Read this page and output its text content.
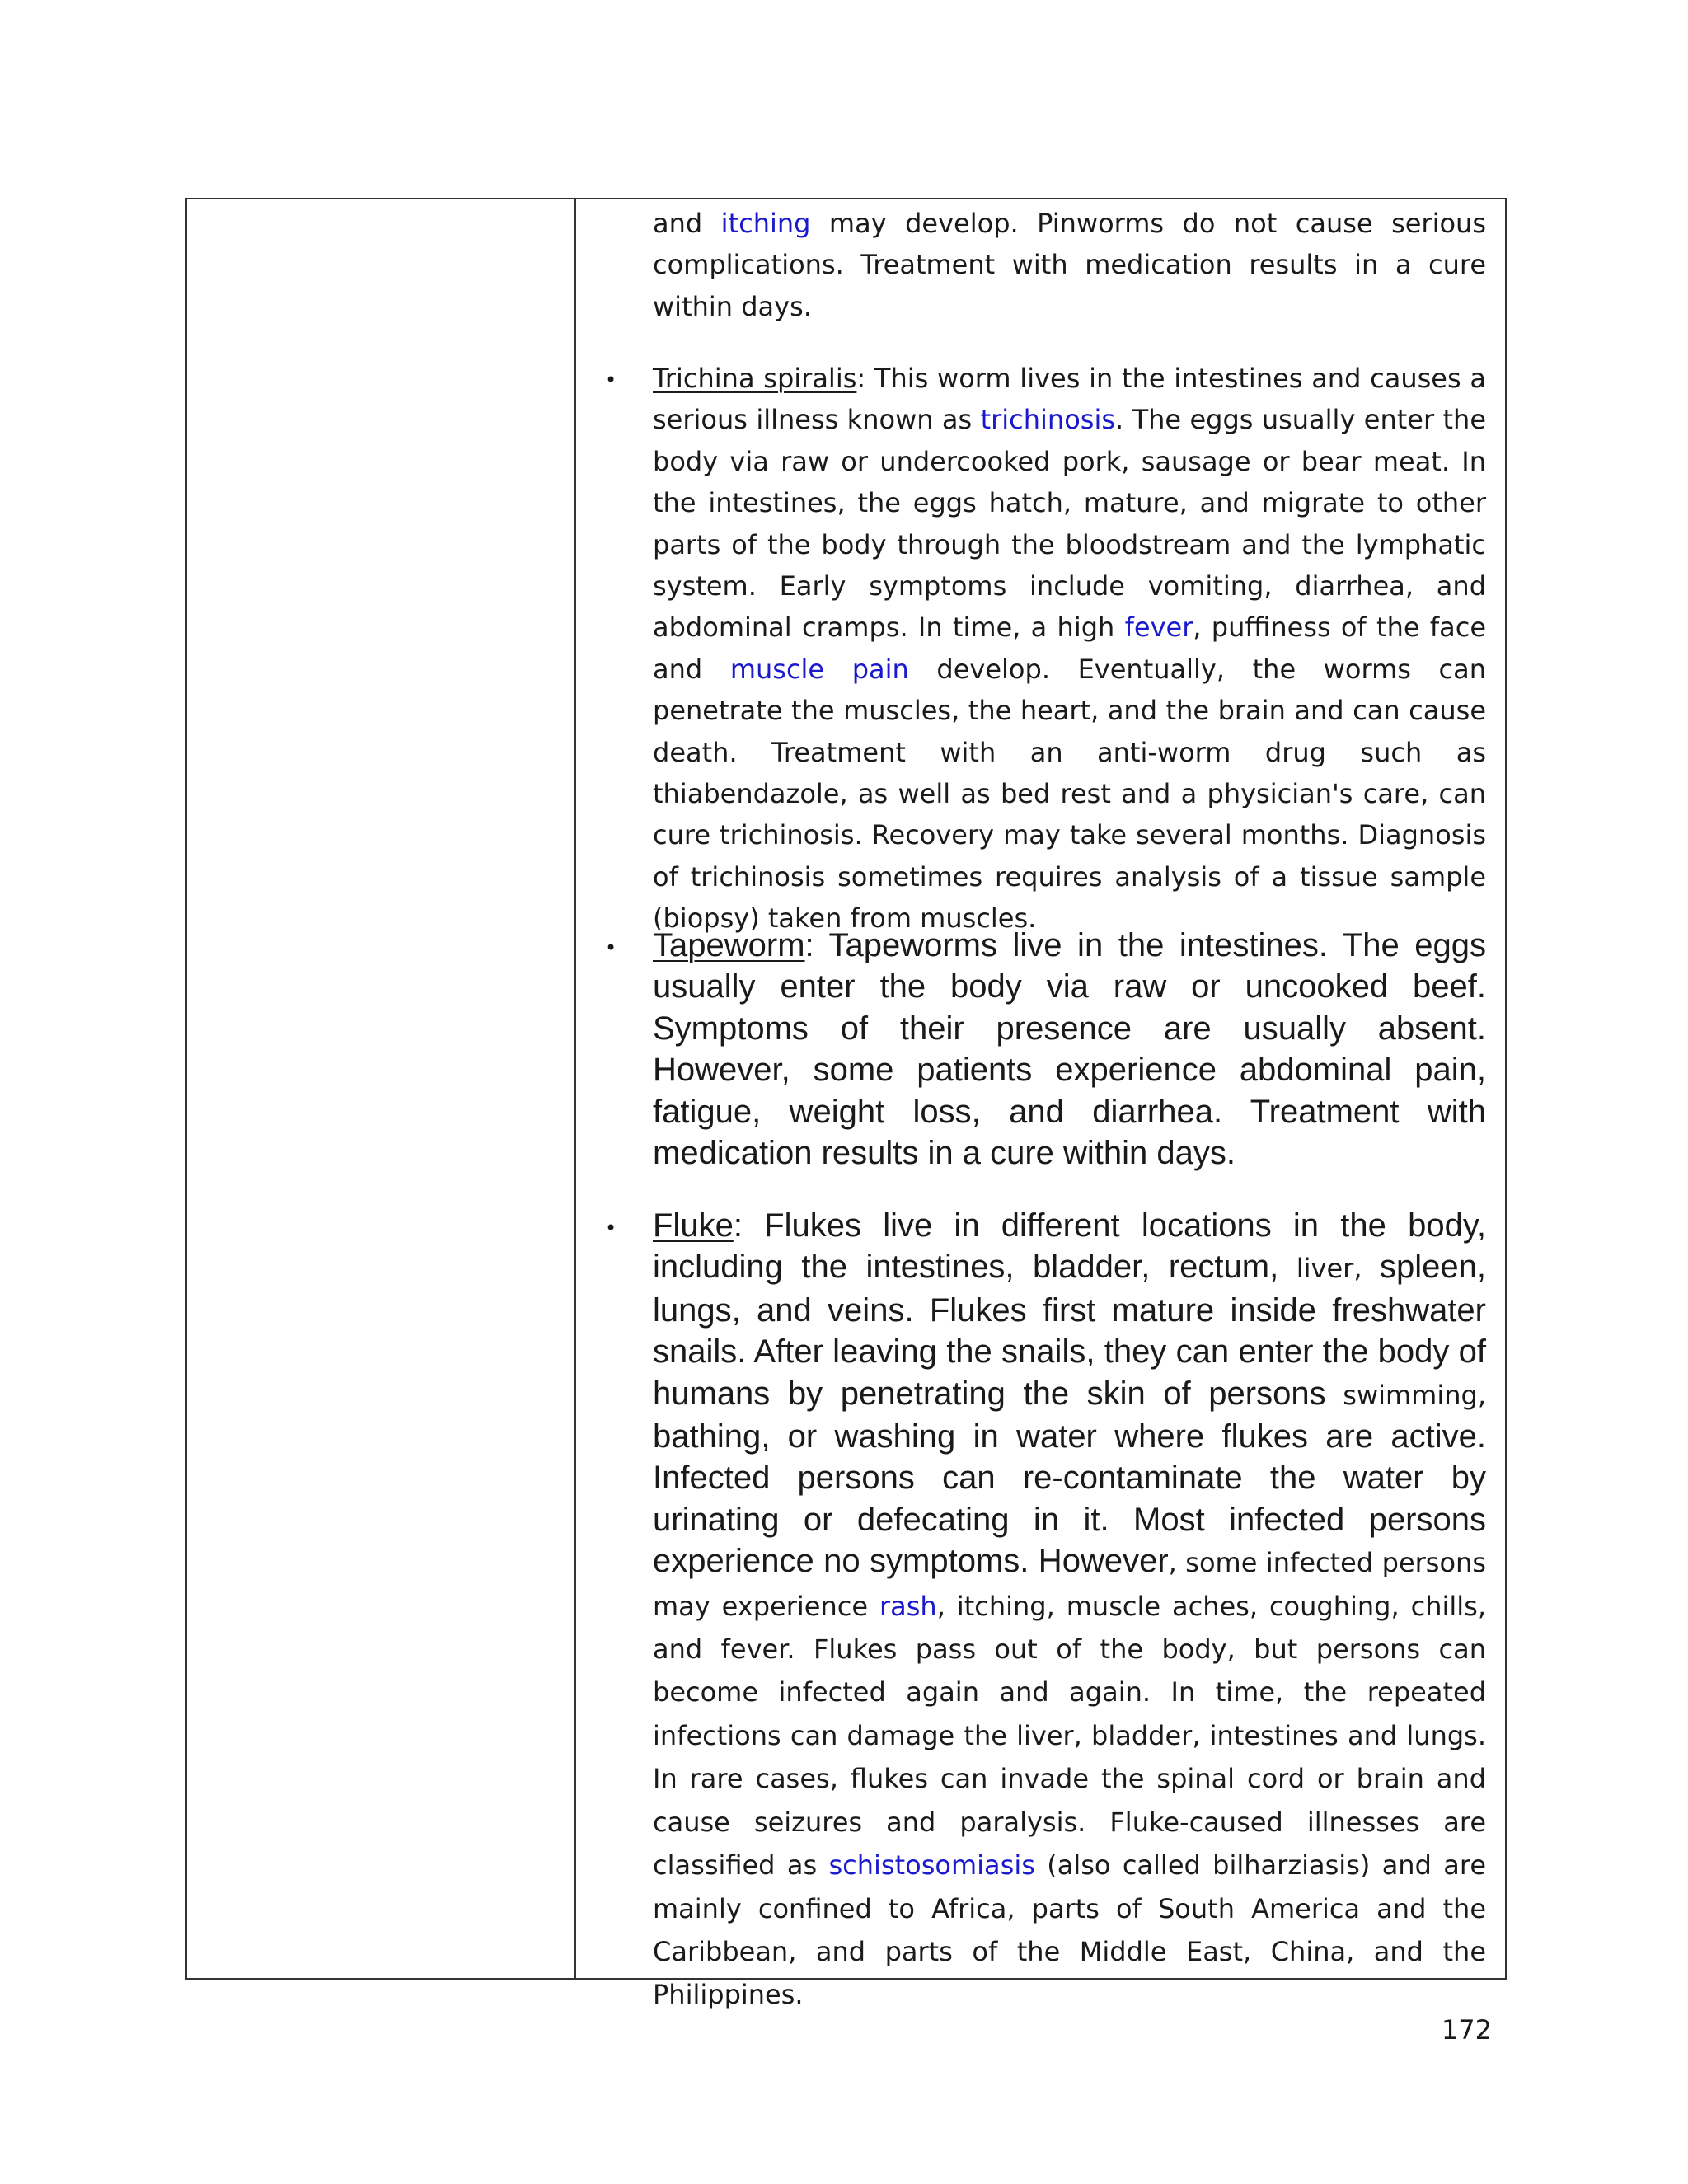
and itching may develop. Pinworms do not cause serious complications. Treatment with medication results in a cure within days.

• Trichina spiralis: This worm lives in the intestines and causes a serious illness known as trichinosis. The eggs usually enter the body via raw or undercooked pork, sausage or bear meat. In the intestines, the eggs hatch, mature, and migrate to other parts of the body through the bloodstream and the lymphatic system. Early symptoms include vomiting, diarrhea, and abdominal cramps. In time, a high fever, puffiness of the face and muscle pain develop. Eventually, the worms can penetrate the muscles, the heart, and the brain and can cause death. Treatment with an anti-worm drug such as thiabendazole, as well as bed rest and a physician's care, can cure trichinosis. Recovery may take several months. Diagnosis of trichinosis sometimes requires analysis of a tissue sample (biopsy) taken from muscles.

• Tapeworm: Tapeworms live in the intestines. The eggs usually enter the body via raw or uncooked beef. Symptoms of their presence are usually absent. However, some patients experience abdominal pain, fatigue, weight loss, and diarrhea. Treatment with medication results in a cure within days.

• Fluke: Flukes live in different locations in the body, including the intestines, bladder, rectum, liver, spleen, lungs, and veins. Flukes first mature inside freshwater snails. After leaving the snails, they can enter the body of humans by penetrating the skin of persons swimming, bathing, or washing in water where flukes are active. Infected persons can re-contaminate the water by urinating or defecating in it. Most infected persons experience no symptoms. However, some infected persons may experience rash, itching, muscle aches, coughing, chills, and fever. Flukes pass out of the body, but persons can become infected again and again. In time, the repeated infections can damage the liver, bladder, intestines and lungs. In rare cases, flukes can invade the spinal cord or brain and cause seizures and paralysis. Fluke-caused illnesses are classified as schistosomiasis (also called bilharziasis) and are mainly confined to Africa, parts of South America and the Caribbean, and parts of the Middle East, China, and the Philippines.

172
